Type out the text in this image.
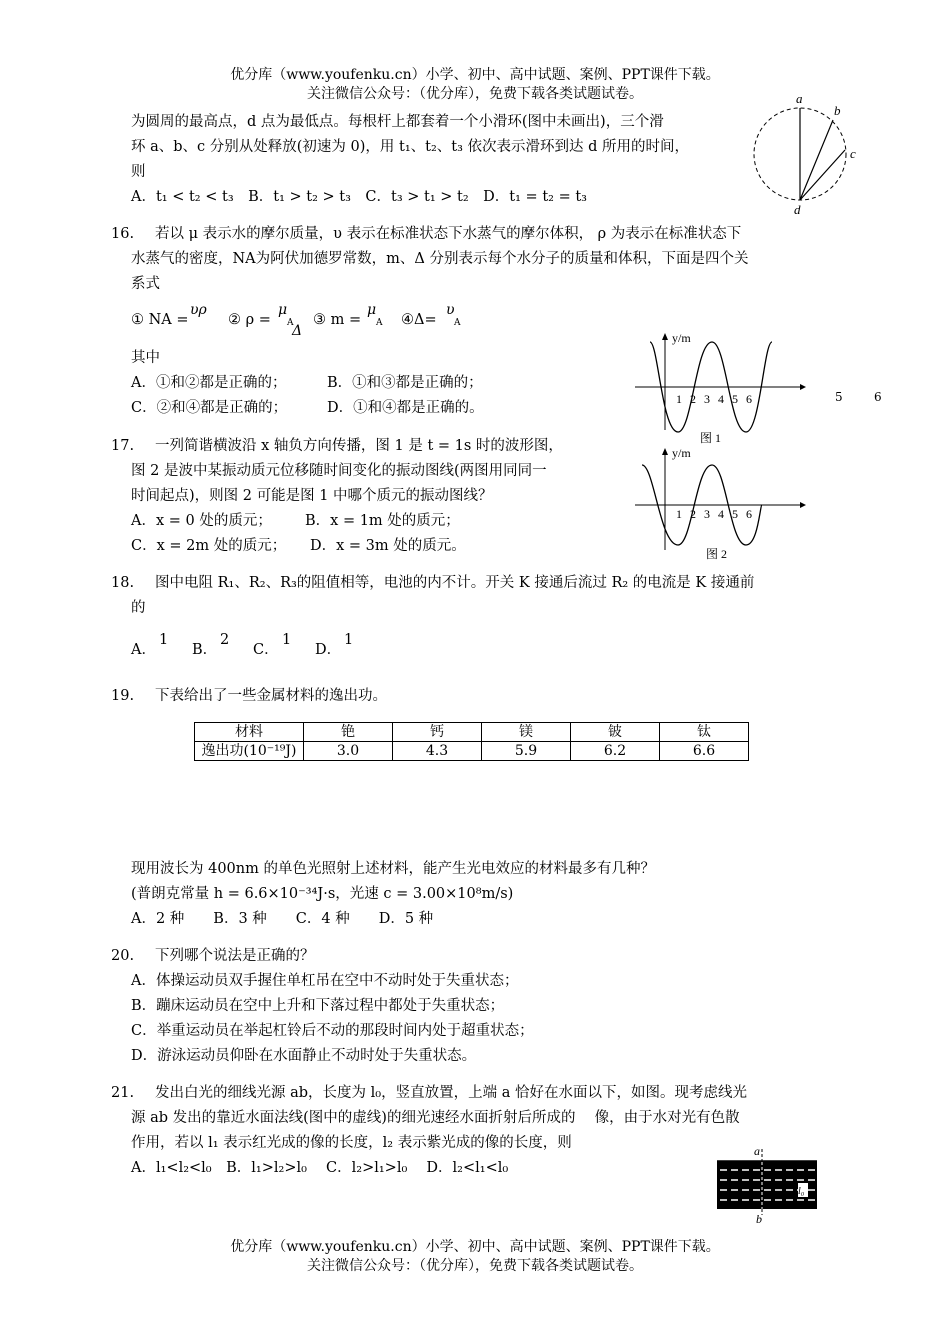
优分库（www.youfenku.cn）小学、初中、高中试题、案例、PPT课件下载。
关注微信公众号：（优分库），免费下载各类试题试卷。
为圆周的最高点，d 点为最低点。每根杆上都套着一个小滑环(图中未画出)，三个滑
环 a、b、c 分别从处释放(初速为 0)，用 t₁、t₂、t₃ 依次表示滑环到达 d 所用的时间，
则
A．t₁ < t₂ < t₃　B．t₁ > t₂ > t₃　C．t₃ > t₁ > t₂　D．t₁ = t₂ = t₃
a
b
c
d
16. 若以 μ 表示水的摩尔质量，υ 表示在标准状态下水蒸气的摩尔体积， ρ 为表示在标准状态下
水蒸气的密度，NA为阿伏加德罗常数，m、Δ 分别表示每个水分子的质量和体积，下面是四个关
系式
① NA =
υρ
② ρ =
μ
A
Δ
③ m =
μ
A ④Δ=
υ
A
其中
A．①和②都是正确的；	B．①和③都是正确的；
C．②和④都是正确的；	D．①和④都是正确的。
y/m
1 2 3 4 5 6
图 1
5	6
y/m
1 2 3 4 5 6
图 2
17. 一列简谐横波沿 x 轴负方向传播，图 1 是 t = 1s 时的波形图，
图 2 是波中某振动质元位移随时间变化的振动图线(两图用同同一
时间起点)，则图 2 可能是图 1 中哪个质元的振动图线？
A．x = 0 处的质元； B．x = 1m 处的质元；
C．x = 2m 处的质元； D．x = 3m 处的质元。
18. 图中电阻 R₁、R₂、R₃的阻值相等，电池的内不计。开关 K 接通后流过 R₂ 的电流是 K 接通前
的
A．
1
B．
2
C．
1
D．
1
19. 下表给出了一些金属材料的逸出功。
材料	铯	钙	镁	铍	钛
逸出功(10⁻¹⁹J)	3.0	4.3	5.9	6.2	6.6
现用波长为 400nm 的单色光照射上述材料，能产生光电效应的材料最多有几种？
(普朗克常量 h = 6.6×10⁻³⁴J·s，光速 c = 3.00×10⁸m/s)
A．2 种　　B．3 种　　C．4 种　　D．5 种
20. 下列哪个说法是正确的？
A．体操运动员双手握住单杠吊在空中不动时处于失重状态；
B．蹦床运动员在空中上升和下落过程中都处于失重状态；
C．举重运动员在举起杠铃后不动的那段时间内处于超重状态；
D．游泳运动员仰卧在水面静止不动时处于失重状态。
21. 发出白光的细线光源 ab，长度为 l₀，竖直放置，上端 a 恰好在水面以下，如图。现考虑线光
源 ab 发出的靠近水面法线(图中的虚线)的细光速经水面折射后所成的　 像，由于水对光有色散
作用，若以 l₁ 表示红光成的像的长度，l₂ 表示紫光成的像的长度，则
A．l₁<l₂<l₀　B．l₁>l₂>l₀　 C．l₂>l₁>l₀　 D．l₂<l₁<l₀
a
b
l₀
优分库（www.youfenku.cn）小学、初中、高中试题、案例、PPT课件下载。
关注微信公众号：（优分库），免费下载各类试题试卷。
